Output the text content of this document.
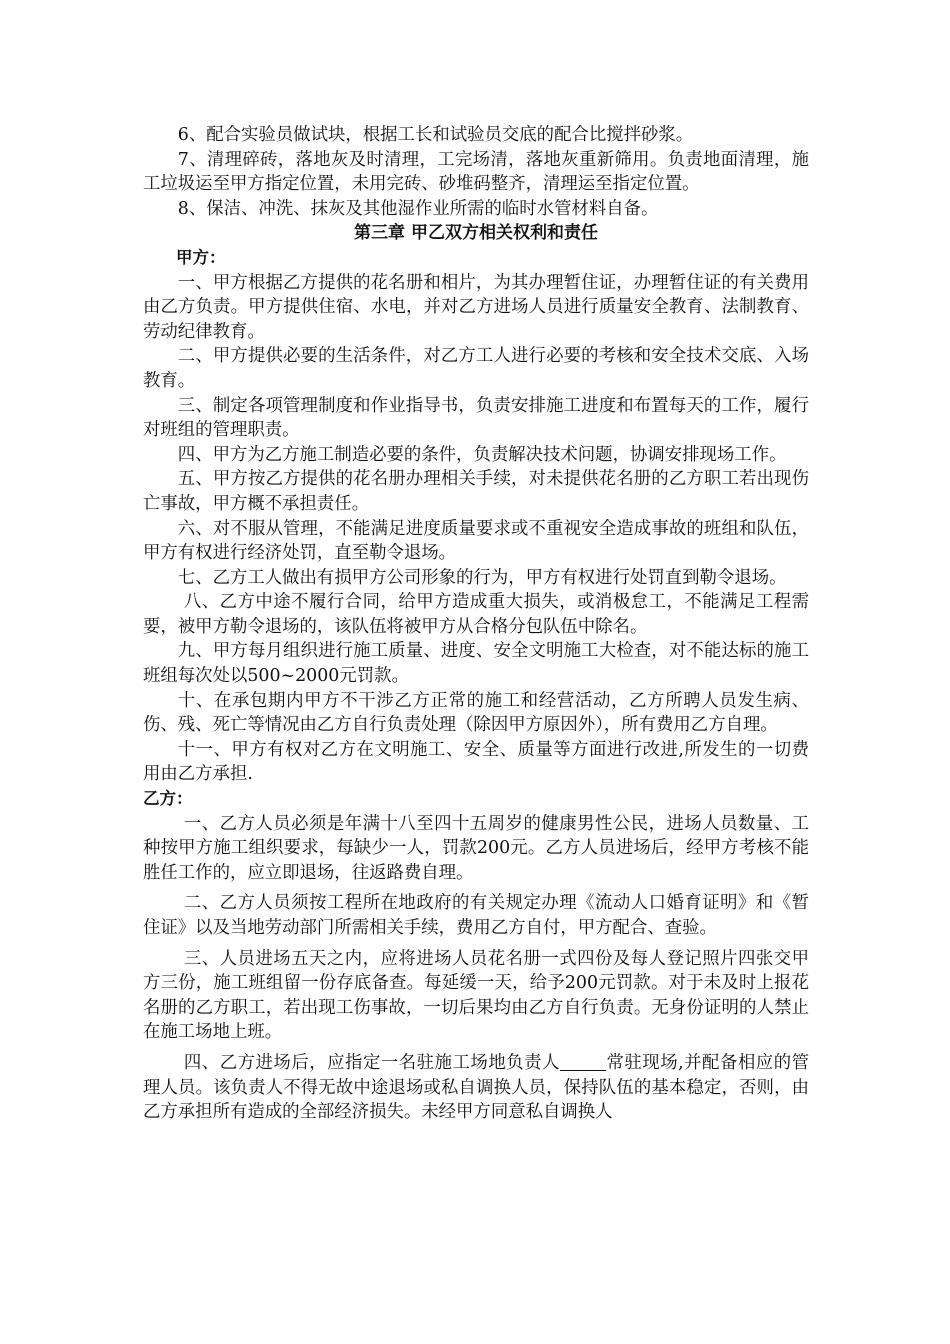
6、配合实验员做试块，根据工长和试验员交底的配合比搅拌砂浆。

7、清理碎砖，落地灰及时清理，工完场清，落地灰重新筛用。负责地面清理，施工垃圾运至甲方指定位置，未用完砖、砂堆码整齐，清理运至指定位置。

8、保洁、冲洗、抹灰及其他湿作业所需的临时水管材料自备。

第三章 甲乙双方相关权利和责任

甲方：

一、甲方根据乙方提供的花名册和相片，为其办理暂住证，办理暂住证的有关费用由乙方负责。甲方提供住宿、水电，并对乙方进场人员进行质量安全教育、法制教育、劳动纪律教育。

二、甲方提供必要的生活条件，对乙方工人进行必要的考核和安全技术交底、入场教育。

三、制定各项管理制度和作业指导书，负责安排施工进度和布置每天的工作，履行对班组的管理职责。

四、甲方为乙方施工制造必要的条件，负责解决技术问题，协调安排现场工作。

五、甲方按乙方提供的花名册办理相关手续，对未提供花名册的乙方职工若出现伤亡事故，甲方概不承担责任。

六、对不服从管理，不能满足进度质量要求或不重视安全造成事故的班组和队伍，甲方有权进行经济处罚，直至勒令退场。

七、乙方工人做出有损甲方公司形象的行为，甲方有权进行处罚直到勒令退场。

八、乙方中途不履行合同，给甲方造成重大损失，或消极怠工，不能满足工程需要，被甲方勒令退场的，该队伍将被甲方从合格分包队伍中除名。

九、甲方每月组织进行施工质量、进度、安全文明施工大检查，对不能达标的施工班组每次处以500~2000元罚款。

十、在承包期内甲方不干涉乙方正常的施工和经营活动，乙方所聘人员发生病、伤、残、死亡等情况由乙方自行负责处理（除因甲方原因外），所有费用乙方自理。

十一、甲方有权对乙方在文明施工、安全、质量等方面进行改进,所发生的一切费用由乙方承担.

乙方：

一、乙方人员必须是年满十八至四十五周岁的健康男性公民，进场人员数量、工种按甲方施工组织要求，每缺少一人，罚款200元。乙方人员进场后，经甲方考核不能胜任工作的，应立即退场，往返路费自理。

二、乙方人员须按工程所在地政府的有关规定办理《流动人口婚育证明》和《暂住证》以及当地劳动部门所需相关手续，费用乙方自付，甲方配合、查验。

三、人员进场五天之内，应将进场人员花名册一式四份及每人登记照片四张交甲方三份，施工班组留一份存底备查。每延缓一天，给予200元罚款。对于未及时上报花名册的乙方职工，若出现工伤事故，一切后果均由乙方自行负责。无身份证明的人禁止在施工场地上班。

四、乙方进场后，应指定一名驻施工场地负责人	常驻现场,并配备相应的管理人员。该负责人不得无故中途退场或私自调换人员，保持队伍的基本稳定，否则，由乙方承担所有造成的全部经济损失。未经甲方同意私自调换人
